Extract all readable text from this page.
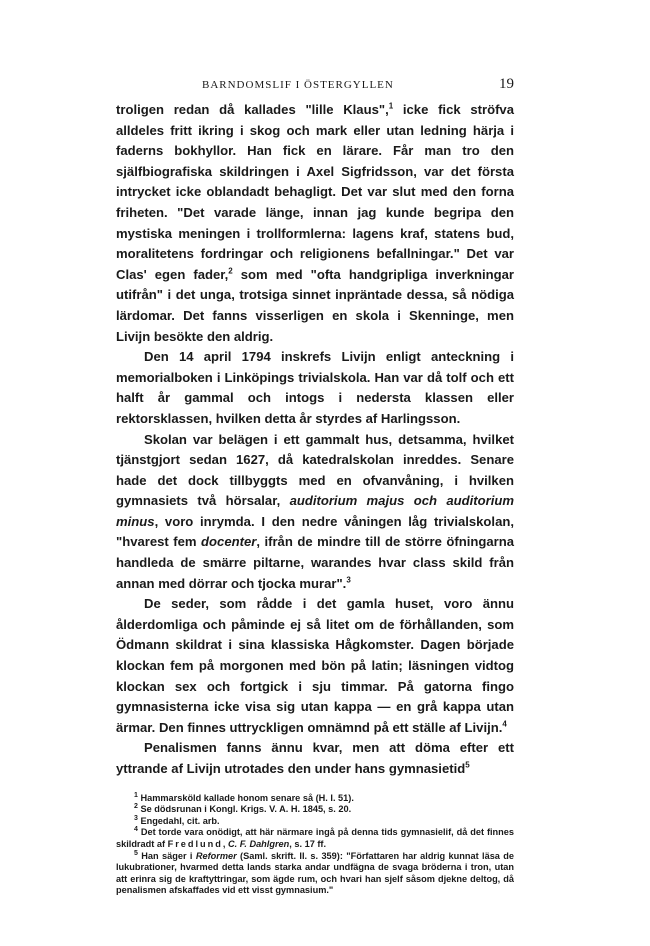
BARNDOMSLIF I ÖSTERGYLLEN	19

troligen redan då kallades "lille Klaus",$^1$ icke fick ströfva alldeles fritt ikring i skog och mark eller utan ledning härja i faderns bokhyllor. Han fick en lärare. Får man tro den själfbiografiska skildringen i Axel Sigfridsson, var det första intrycket icke oblandadt behagligt. Det var slut med den forna friheten. "Det varade länge, innan jag kunde begripa den mystiska meningen i trollformlerna: lagens kraf, statens bud, moralitetens fordringar och religionens befallningar." Det var Clas' egen fader,$^2$ som med "ofta handgripliga inverkningar utifrån" i det unga, trotsiga sinnet inpräntade dessa, så nödiga lärdomar. Det fanns visserligen en skola i Skenninge, men Livijn besökte den aldrig.

Den 14 april 1794 inskrefs Livijn enligt anteckning i memorialboken i Linköpings trivialskola. Han var då tolf och ett halft år gammal och intogs i nedersta klassen eller rektorsklassen, hvilken detta år styrdes af Harlingsson.

Skolan var belägen i ett gammalt hus, detsamma, hvilket tjänstgjort sedan 1627, då katedralskolan inreddes. Senare hade det dock tillbyggts med en ofvanvåning, i hvilken gymnasiets två hörsalar, auditorium majus och auditorium minus, voro inrymda. I den nedre våningen låg trivialskolan, "hvarest fem docenter, ifrån de mindre till de större öfningarna handleda de smärre piltarne, warandes hvar class skild från annan med dörrar och tjocka murar".$^3$

De seder, som rådde i det gamla huset, voro ännu ålderdomliga och påminde ej så litet om de förhållanden, som Ödmann skildrat i sina klassiska Hågkomster. Dagen började klockan fem på morgonen med bön på latin; läsningen vidtog klockan sex och fortgick i sju timmar. På gatorna fingo gymnasisterna icke visa sig utan kappa — en grå kappa utan ärmar. Den finnes uttryckligen omnämnd på ett ställe af Livijn.$^4$

Penalismen fanns ännu kvar, men att döma efter ett yttrande af Livijn utrotades den under hans gymnasietid$^5$

$^1$ Hammarsköld kallade honom senare så (H. I. 51).

$^2$ Se dödsrunan i Kongl. Krigs. V. A. H. 1845, s. 20.

$^3$ Engedahl, cit. arb.

$^4$ Det torde vara onödigt, att här närmare ingå på denna tids gymnasielif, då det finnes skildradt af Fredlund, C. F. Dahlgren, s. 17 ff.

$^5$ Han säger i Reformer (Saml. skrift. II. s. 359): "Författaren har aldrig kunnat läsa de lukubrationer, hvarmed detta lands starka andar undfägna de svaga bröderna i tron, utan att erinra sig de kraftyttringar, som ägde rum, och hvari han sjelf såsom djekne deltog, då penalismen afskaffades vid ett visst gymnasium."
